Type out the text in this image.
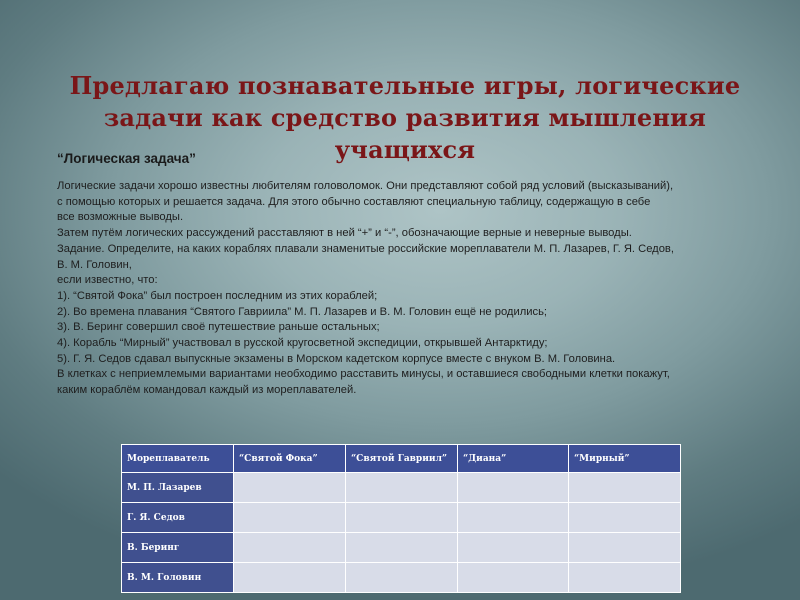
Предлагаю познавательные игры, логические задачи как средство развития мышления учащихся
“Логическая задача”

Логические задачи хорошо известны любителям головоломок. Они представляют собой ряд условий (высказываний),

с помощью которых и решается задача. Для этого обычно составляют специальную таблицу, содержащую в себе

все возможные выводы.

Затем путём логических рассуждений расставляют в ней “+” и “-”, обозначающие верные и неверные выводы.

Задание. Определите, на каких кораблях плавали знаменитые российские мореплаватели М. П. Лазарев, Г. Я. Седов,

В. М. Головин,

если известно, что:

1). “Святой Фока” был построен последним из этих кораблей;

2). Во времена плавания “Святого Гавриила” М. П. Лазарев и В. М. Головин ещё не родились;

3). В. Беринг совершил своё путешествие раньше остальных;

4). Корабль “Мирный” участвовал в русской кругосветной экспедиции, открывшей Антарктиду;

5). Г. Я. Седов сдавал выпускные экзамены в Морском кадетском корпусе вместе с внуком В. М. Головина.

В клетках с неприемлемыми вариантами необходимо расставить минусы, и оставшиеся свободными клетки покажут,

каким кораблём командовал каждый из мореплавателей.

Мореплаватель	“Святой Фока”	“Святой Гавриил”	“Диана”	“Мирный”
М. П. Лазарев				
Г. Я. Седов				
В. Беринг				
В. М. Головин				
